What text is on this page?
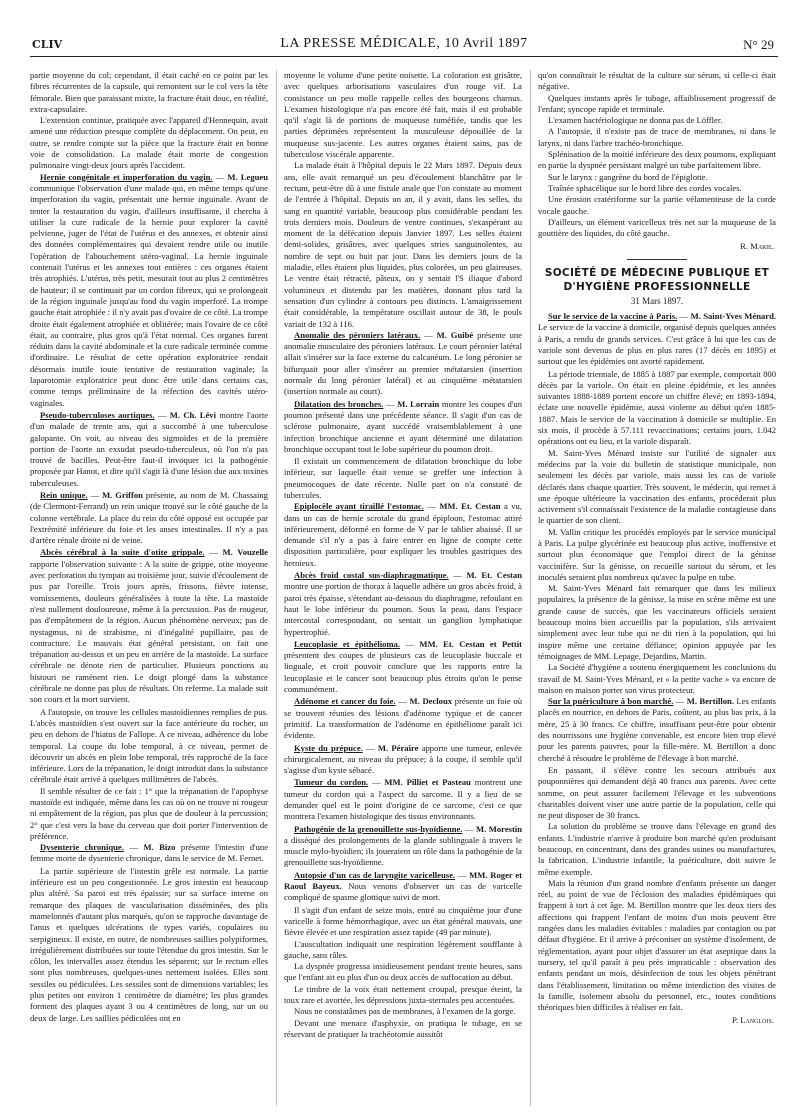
CLIV	LA PRESSE MÉDICALE, 10 Avril 1897	N° 29

partie moyenne du col; cependant, il était caché en ce point par les fibres récurrentes de la capsule, qui remontent sur le col vers la tête fémorale. Bien que paraissant mixte, la fracture était douc, en réalité, extra-capsulaire.

L'extension continue, pratiquée avec l'appareil d'Hennequin, avait amené une réduction presque complète du déplacement. On peut, en outre, se rendre compte sur la pièce que la fracture était en bonne voie de consolidation. La malade était morte de congestion pulmonaire vingt-deux jours après l'accident.

Hernie congénitale et imperforation du vagin. — M. Legueu communique l'observation d'une malade qui, en même temps qu'une imperforation du vagin, présentait une hernie inguinale. Avant de tenter la restauration du vagin, d'ailleurs insuffisante, il chercha à utiliser la cure radicale de la hernie pour explorer la cavité pelvienne, juger de l'état de l'utérus et des annexes, et obtenir ainsi des données complémentaires qui devaient rendre utile ou inutile l'opération de l'abouchement utéro-vaginal. La hernie inguinale contenait l'utérus et les annexes tout entières : ces organes étaient très atrophiés. L'utérus, très petit, mesurait tout au plus 2 centimètres de hauteur; il se continuait par un cordon fibreux, qui se prolongeait de la région inguinale jusqu'au fond du vagin imperforé. La trompe gauche était atrophiée : il n'y avait pas d'ovaire de ce côté. La trompe droite était également atrophiée et oblitérée; mais l'ovaire de ce côté était, au contraire, plus gros qu'à l'état normal. Ces organes furent réduits dans la cavité abdominale et la cure radicale terminée comme d'ordinaire. Le résultat de cette opération exploratrice rendait désormais inutile toute tentative de restauration vaginale; la laparotomie exploratrice peut donc être utile dans certains cas, comme temps préliminaire de la réfection des cavités utéro-vaginales.

Pseudo-tuberculoses aortiques. — M. Ch. Lévi montre l'aorte d'un malade de trente ans, qui a succombé à une tuberculose galopante. On voit, au niveau des sigmoïdes et de la première portion de l'aorte un exsudat pseudo-tuberculeux, où l'on n'a pas trouvé de bacilles. Peut-être faut-il invoquer ici la pathogénie proposée par Hanot, et dire qu'il s'agit là d'une lésion due aux toxines tuberculeuses.

Rein unique. — M. Griffon présente, au nom de M. Chassaing (de Clermont-Ferrand) un rein unique trouvé sur le côté gauche de la colonne vertébrale. La place du rein du côté opposé est occupée par l'extrémité inférieure du foie et les anses intestinales. Il n'y a pas d'artère rénale droite ni de veine.

Abcès cérébral à la suite d'otite grippale. — M. Vouzelle rapporte l'observation suivante : A la suite de grippe, otite moyenne avec perforation du tympan au troisième jour, suivie d'écoulement de pus par l'oreille. Trois jours après, frissons, fièvre intense, vomissements, douleurs généralisées à toute la tête. La mastoïde n'est nullement douloureuse, même à la percussion. Pas de rougeur, pas d'empâtement de la région. Aucun phénomène nerveux; pas de nystagmus, ni de strabisme, ni d'inégalité pupillaire, pas de contracture. Le mauvais état général persistant, on fait une trépanation au-dessus et un peu en arrière de la mastoïde. La surface cérébrale ne dénote rien de particulier. Plusieurs ponctions au bistouri ne ramènent rien. Le doigt plongé dans la substance cérébrale ne donne pas plus de résultats. On referme. La malade suit son cours et la mort survient.

A l'autopsie, on trouve les cellules mastoïdiennes remplies de pus. L'abcès mastoïdien s'est ouvert sur la face antérieure du rocher, un peu en dehors de l'hiatus de Fallope. A ce niveau, adhérence du lobe temporal. La coupe du lobe temporal, à ce niveau, permet de découvrir un abcès en plein lobe temporal, très rapproché de la face inférieure. Lors de la trépanation, le doigt introduit dans la substance cérébrale était arrivé à quelques millimètres de l'abcès.

Il semble résulter de ce fait : 1° que la trépanation de l'apophyse mastoïde est indiquée, même dans les cas où on ne trouve ni rougeur ni empâtement de la région, pas plus que de douleur à la percussion; 2° que c'est vers la base du cerveau que doit porter l'intervention de préférence.

Dysenterie chronique. — M. Bizo présente l'intestin d'une femme morte de dysenterie chronique, dans le service de M. Fernet.

La partie supérieure de l'intestin grêle est normale. La partie inférieure est un peu congestionnée. Le gros intestin est beaucoup plus altéré. Sa paroi est très épaissie; sur sa surface interne on remarque des plaques de vascularisation disséminées, des plis mamelonnés d'autant plus marqués, qu'on se rapproche davantage de l'anus et quelques ulcérations de types variés, copulaires ou serpigineux. Il existe, en outre, de nombreuses saillies polypiformes, irrégulièrement distribuées sur toute l'étendue du gros intestin. Sur le côlon, les intervalles assez étendus les séparent; sur le rectum elles sont plus nombreuses, quelques-unes nettement isolées. Elles sont sessiles ou pédiculées. Les sessiles sont de dimensions variables; les plus petites ont environ 1 centimètre de diamètre; les plus grandes forment des plaques ayant 3 ou 4 centimètres de long, sur un ou deux de large. Les saillies pédiculées ont en

moyenne le volume d'une petite noisette. La coloration est grisâtre, avec quelques arborisations vasculaires d'un rouge vif. La consistance un peu molle rappelle celles des bourgeons charnus. L'examen histologique n'a pas encore été fait, mais il est probable qu'il s'agit là de portions de muqueuse tuméfiée, tandis que les parties déprimées représentent la musculeuse dépouillée de la muqueuse sus-jacente. Les autres organes étaient sains, pas de tuberculose viscérale apparente.

La malade était à l'hôpital depuis le 22 Mars 1897. Depuis deux ans, elle avait remarqué un peu d'écoulement blanchâtre par le rectum, peut-être dû à une fistule anale que l'on constate au moment de l'entrée à l'hôpital. Depuis un an, il y avait, dans les selles, du sang en quantité variable, beaucoup plus considérable pendant les trois derniers mois. Douleurs de ventre continues, s'exaspérant au moment de la défécation depuis Janvier 1897. Les selles étaient demi-solides, grisâtres, avec quelques stries sanguinolentes, au nombre de sept ou huit par jour. Dans les derniers jours de la maladie, elles étaient plus liquides, plus colorées, un peu glaireuses. Le ventre était rétracté, pâteux, on y sentait l'S iliaque d'abord volumineux et distendu par les matières, donnant plus tard la sensation d'un cylindre à contours peu distincts. L'amaigrissement était considérable, la température oscillait autour de 38, le pouls variait de 132 à 116.

Anomalie des péroniers latéraux. — M. Guibé présente une anomalie musculaire des péroniers latéraux. Le court péronier latéral allait s'insérer sur la face externe du calcanéum. Le long péronier se bifurquait pour aller s'insérer au premier métatarsien (insertion normale du long péronier latéral) et au cinquième métatarsien (insertion normale au court).

Dilatation des bronches. — M. Lorrain montre les coupes d'un poumon présenté dans une précédente séance. Il s'agit d'un cas de sclérose pulmonaire, ayant succédé vraisemblablement à une infection bronchique ancienne et ayant déterminé une dilatation bronchique occupant tout le lobe supérieur du poumon droit.

Il existait un commencement de dilatation bronchique du lobe inférieur, sur laquelle était venue se greffer une infection à pneumocoques de date récente. Nulle part on n'a constaté de tubercules.

Epiplocèle ayant tiraillé l'estomac. — MM. Et. Cestan a vu, dans un cas de hernie scrotale du grand épiploon, l'estomac attiré inférieurement, déformé en forme de V par le tablier abaissé. Il se demande s'il n'y a pas à faire entrer en ligne de compte cette disposition particulière, pour expliquer les troubles gastriques des hernieux.

Abcès froid costal sus-diaphragmatique. — M. Et. Cestan montre une portion de thorax à laquelle adhère un gros abcès froid, à paroi très épaisse, s'étendant au-dessous du diaphragme, refoulant en haut le lobe inférieur du poumon. Sous la peau, dans l'espace intercostal correspondant, on sentait un ganglion lymphatique hypertrophié.

Leucoplasie et épithélioma. — MM. Et. Cestan et Pettit présentent des coupes de plusieurs cas de leucoplasie buccale et linguale, et croit pouvoir conclure que les rapports entre la leucoplasie et le cancer sont beaucoup plus étroits qu'on le pense communément.

Adénome et cancer du foie. — M. Decloux présente un foie où se trouvent réunies des lésions d'adénome typique et de cancer primitif. La transformation de l'adénome en épithéliome paraît ici évidente.

Kyste du prépuce. — M. Péraire apporte une tumeur, enlevée chirurgicalement, au niveau du prépuce; à la coupe, il semble qu'il s'agisse d'un kyste sébacé.

Tumeur du cordon. — MM. Pilliet et Pasteau montrent une tumeur du cordon qui a l'aspect du sarcome. Il y a lieu de se demander quel est le point d'origine de ce sarcome, c'est ce que montrera l'examen histologique des tissus environnants.

Pathogénie de la grenouillette sus-hyoïdienne. — M. Morestin a disséqué des prolongements de la glande sublinguale à travers le muscle mylo-hyoïdien; ils joueraient un rôle dans la pathogénie de la grenouillette sus-hyoïdienne.

Autopsie d'un cas de laryngite varicelleuse. — MM. Roger et Raoul Bayeux. Nous venons d'observer un cas de varicelle compliqué de spasme glottique suivi de mort.

Il s'agit d'un enfant de seize mois, entré au cinquième jour d'une varicelle à forme hémorrhagique, avec un état général mauvais, une fièvre élevée et une respiration assez rapide (49 par minute).

L'auscultation indiquait une respiration légèrement soufflante à gauche, sans râles.

La dyspnée progressa insidieusement pendant trente heures, sans que l'enfant ait eu plus d'un ou deux accès de suffocation au début.

Le timbre de la voix était nettement croupal, presque éteint, la toux rare et avortée, les dépressions juxta-sternales peu accentuées.

Nous ne constatâmes pas de membranes, à l'examen de la gorge.

Devant une menace d'asphyxie, on pratiqua le tubage, en se réservant de pratiquer la trachéotomie aussitôt

qu'on connaîtrait le résultat de la culture sur sérum, si celle-ci était négative.

Quelques instants après le tubage, affaiblissement progressif de l'enfant; syncope rapide et terminale.

L'examen bactériologique ne donna pas de Löffler.

A l'autopsie, il n'existe pas de trace de membranes, ni dans le larynx, ni dans l'arbre trachéo-bronchique.

Splénisation de la moitié inférieure des deux poumons, expliquant en partie la dyspnée persistant malgré un tube parfaitement libre.

Sur le larynx : gangrène du bord de l'épiglotte.

Traînée sphacélique sur le bord libre des cordes vocales.

Une érosion cratériforme sur la partie vélamenteuse de la corde vocale gauche.

D'ailleurs, un élément varicelleux très net sur la muqueuse de la gouttière des liquides, du côté gauche.

R. Marie.

SOCIÉTÉ DE MÉDECINE PUBLIQUE ET D'HYGIÈNE PROFESSIONNELLE
31 Mars 1897.

Sur le service de la vaccine à Paris. — M. Saint-Yves Ménard. Le service de la vaccine à domicile, organisé depuis quelques années à Paris, a rendu de grands services. C'est grâce à lui que les cas de variole sont devenus de plus en plus rares (17 décès en 1895) et surtout que les épidémies ont avorté rapidement.

La période triennale, de 1885 à 1887 par exemple, comportait 800 décès par la variole. On était en pleine épidémie, et les années suivantes 1888-1889 portent encore un chiffre élevé; en 1893-1894, éclate une nouvelle épidémie, aussi violente au début qu'en 1885-1887. Mais le service de la vaccination à domicile se multiplie. En six mois, il procède à 57.111 revaccinations; certains jours, 1.042 opérations ont eu lieu, et la variole disparaît.

M. Saint-Yves Ménard insiste sur l'utilité de signaler aux médecins par la voie du bulletin de statistique municipale, non seulement les décès par variole, mais aussi les cas de variole déclarés dans chaque quartier. Très souvent, le médecin, qui remet à une époque ultérieure la vaccination des enfants, procéderait plus activement s'il connaissait l'existence de la maladie contagieuse dans le quartier de son client.

M. Vallin critique les procédés employés par le service municipal à Paris. La pulpe glycérinée est beaucoup plus active, inoffensive et surtout plus économique que l'emploi direct de la génisse vaccinifère. Sur la génisse, on recueille surtout du sérum, et les inoculés seraient plus nombreux qu'avec la pulpe en tube.

M. Saint-Yves Ménard fait remarquer que dans les milieux populaires, la présence de la génisse, la mise en scène même est une grande cause de succès, que les vaccinateurs officiels seraient beaucoup moins bien accueillis par la population, s'ils arrivaient simplement avec leur tube qui ne dit rien à la population, qui lui inspire même une certaine défiance; opinion appuyée par les témoignages de MM. Lepage, Dejardins, Martin.

La Société d'hygiène a soutenu énergiquement les conclusions du travail de M. Saint-Yves Ménard, et « la petite vache » va encore de maison en maison porter son virus protecteur.

Sur la puériculture à bon marché. — M. Bertillon. Les enfants placés en nourrice, en dehors de Paris, coûtent, au plus bas prix, à la mère, 25 à 30 francs. Ce chiffre, insuffisant peut-être pour obtenir des nourrissons une hygiène convenable, est encore bien trop élevé pour les parents pauvres, pour la fille-mère. M. Bertillon a donc cherché à résoudre le problème de l'élevage à bon marché.

En passant, il s'élève contre les secours attribués aux pouponnières qui demandent déjà 40 francs aux parents. Avec cette somme, on peut assurer facilement l'élevage et les subventions charitables doivent viser une autre partie de la population, celle qui ne peut disposer de 30 francs.

La solution du problème se trouve dans l'élevage en grand des enfants. L'industrie n'arrive à produire bon marché qu'en produisant beaucoup, en concentrant, dans des grandes usines ou manufactures, la fabrication. L'industrie infantile, la puériculture, doit suivre le même exemple.

Mais la réunion d'un grand nombre d'enfants présente un danger réel, au point de vue de l'éclosion des maladies épidémiques qui frappent à tort à cet âge. M. Bertillon montre que les deux tiers des affections qui frappent l'enfant de moins d'un mois peuvent être rangées dans les maladies évitables : maladies par contagion ou par défaut d'hygiène. Et il arrive à préconiser un système d'isolement, de réglementation, ayant pour objet d'assurer un état aseptique dans la nursery, tel qu'il paraît à peu près impraticable : observation des enfants pendant un mois, désinfection de tous les objets pénétrant dans l'établissement, limitation ou même interdiction des visites de la famille, isolement absolu du personnel, etc., toutes conditions théoriques bien difficiles à réaliser en fait.

P. Langlois.
